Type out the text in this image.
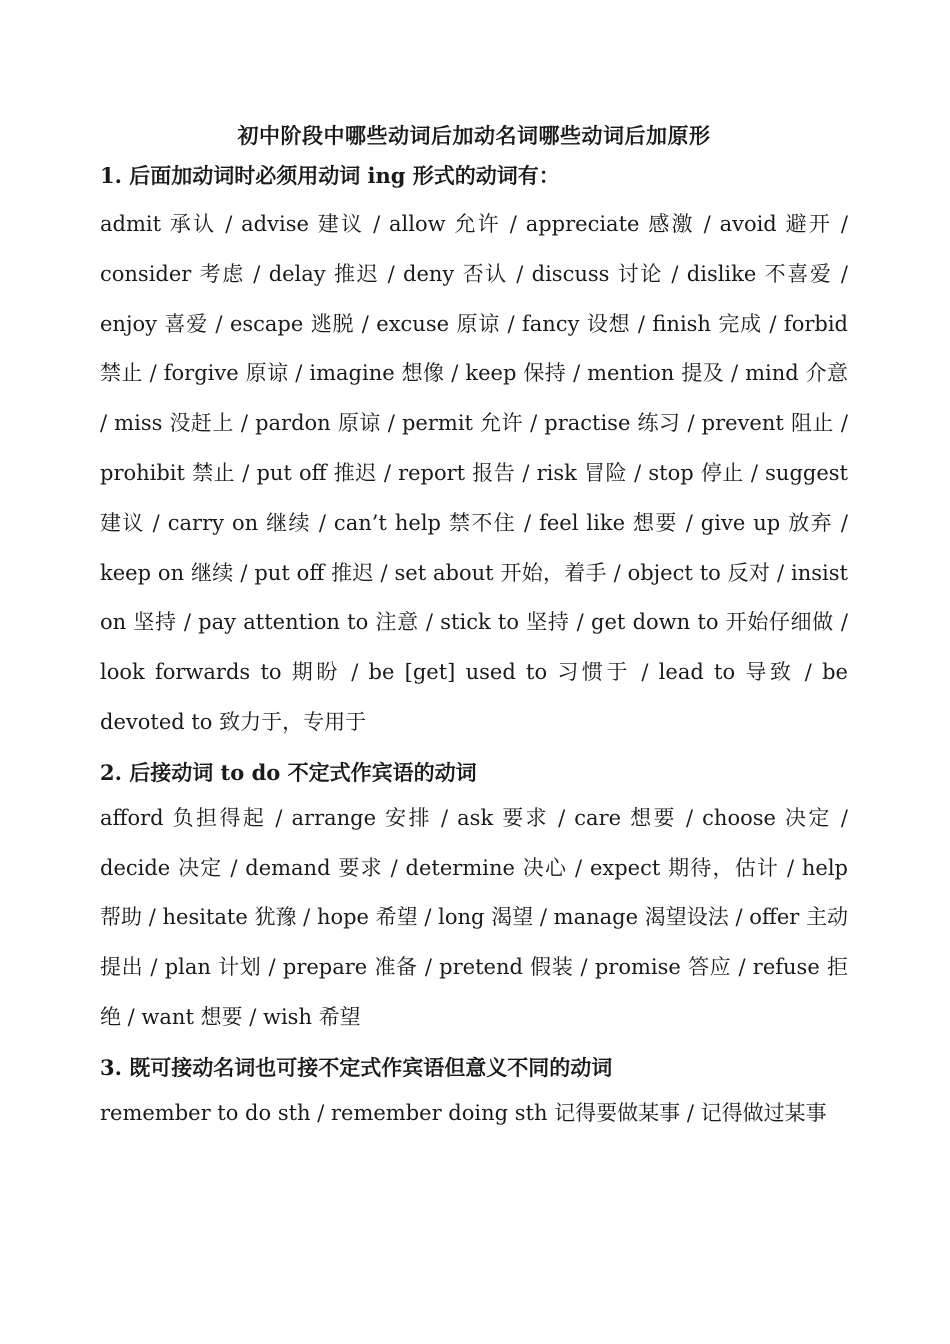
初中阶段中哪些动词后加动名词哪些动词后加原形
1. 后面加动词时必须用动词 ing 形式的动词有：

admit 承认 / advise 建议 / allow 允许 / appreciate 感激 / avoid 避开 / consider 考虑 / delay 推迟 / deny 否认 / discuss 讨论 / dislike 不喜爱 / enjoy 喜爱 / escape 逃脱 / excuse 原谅 / fancy 设想 / finish 完成 / forbid 禁止 / forgive 原谅 / imagine 想像 / keep 保持 / mention 提及 / mind 介意 / miss 没赶上 / pardon 原谅 / permit 允许 / practise 练习 / prevent 阻止 / prohibit 禁止 / put off 推迟 / report 报告 / risk 冒险 / stop 停止 / suggest 建议 / carry on 继续 / can’t help 禁不住 / feel like 想要 / give up 放弃 / keep on 继续 / put off 推迟 / set about 开始，着手 / object to 反对 / insist on 坚持 / pay attention to 注意 / stick to 坚持 / get down to 开始仔细做 / look forwards to 期盼 / be [get] used to 习惯于 / lead to 导致 / be devoted to 致力于，专用于

2. 后接动词 to do 不定式作宾语的动词

afford 负担得起 / arrange 安排 / ask 要求 / care 想要 / choose 决定 / decide 决定 / demand 要求 / determine 决心 / expect 期待，估计 / help 帮助 / hesitate 犹豫 / hope 希望 / long 渴望 / manage 渴望设法 / offer 主动提出 / plan 计划 / prepare 准备 / pretend 假装 / promise 答应 / refuse 拒绝 / want 想要 / wish 希望

3. 既可接动名词也可接不定式作宾语但意义不同的动词

remember to do sth / remember doing sth 记得要做某事 / 记得做过某事
